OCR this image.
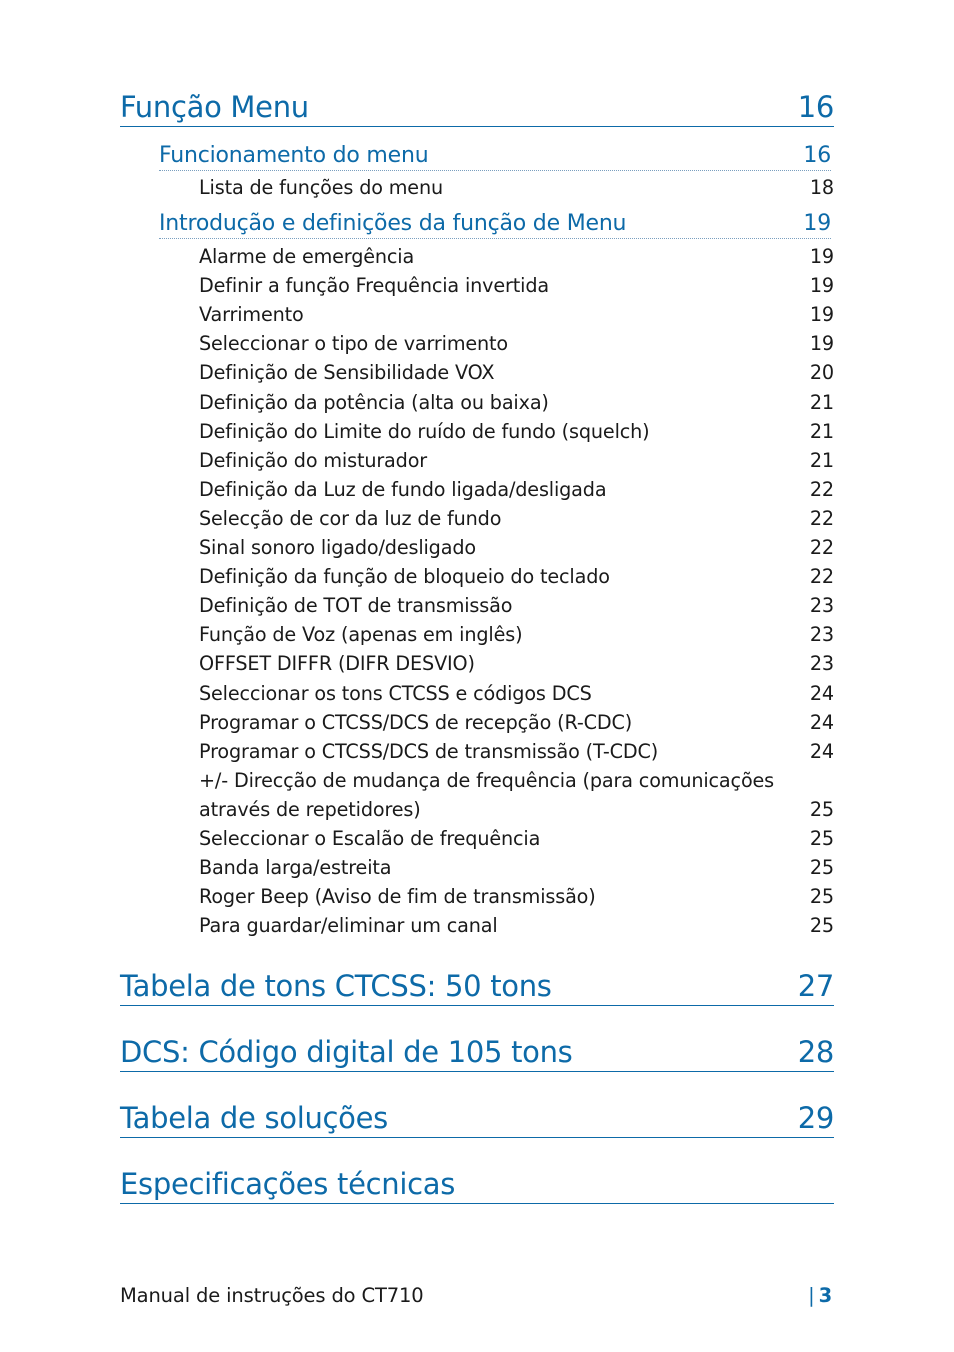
Função Menu	16
Funcionamento do menu	16
Lista de funções do menu	18
Introdução e definições da função de Menu	19
Alarme de emergência	19
Definir a função Frequência invertida	19
Varrimento	19
Seleccionar o tipo de varrimento	19
Definição de Sensibilidade VOX	20
Definição da potência (alta ou baixa)	21
Definição do Limite do ruído de fundo (squelch)	21
Definição do misturador	21
Definição da Luz de fundo ligada/desligada	22
Selecção de cor da luz de fundo	22
Sinal sonoro ligado/desligado	22
Definição da função de bloqueio do teclado	22
Definição de TOT de transmissão	23
Função de Voz (apenas em inglês)	23
OFFSET DIFFR (DIFR DESVIO)	23
Seleccionar os tons CTCSS e códigos DCS	24
Programar o CTCSS/DCS de recepção (R-CDC)	24
Programar o CTCSS/DCS de transmissão (T-CDC)	24
+/- Direcção de mudança de frequência (para comunicações através de repetidores)	25
Seleccionar o Escalão de frequência	25
Banda larga/estreita	25
Roger Beep (Aviso de fim de transmissão)	25
Para guardar/eliminar um canal	25
Tabela de tons CTCSS: 50 tons	27
DCS: Código digital de 105 tons	28
Tabela de soluções	29
Especificações técnicas
Manual de instruções do CT710	| 3
